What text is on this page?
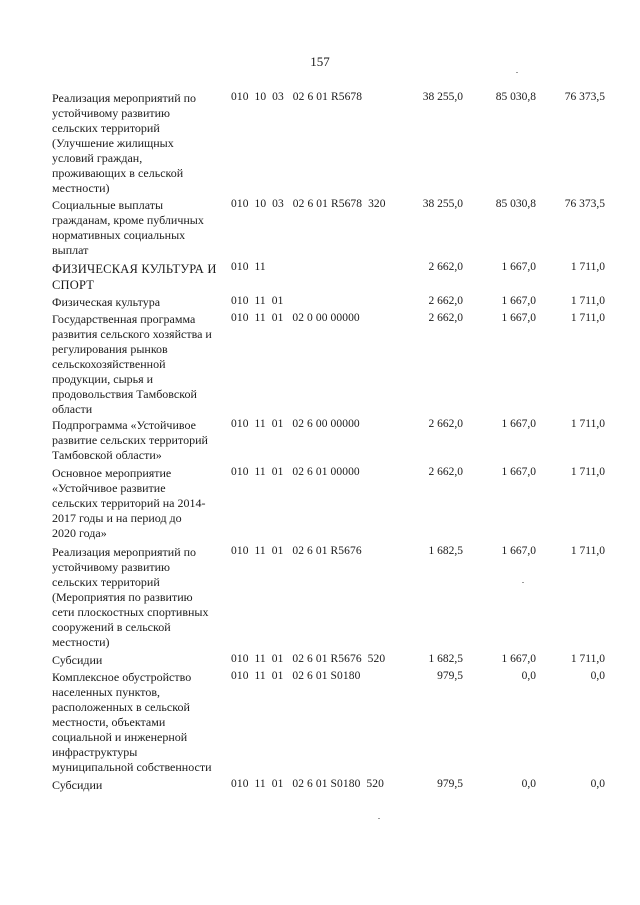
157
Реализация мероприятий по
устойчивому развитию
сельских территорий
(Улучшение жилищных
условий граждан,
проживающих в сельской
местности)
010  10  03   02 6 01 R5678	38 255,0	85 030,8	76 373,5
Социальные выплаты
гражданам, кроме публичных
нормативных социальных
выплат
010  10  03   02 6 01 R5678  320	38 255,0	85 030,8	76 373,5
ФИЗИЧЕСКАЯ КУЛЬТУРА И
СПОРТ
010  11	2 662,0	1 667,0	1 711,0
Физическая культура	010  11  01	2 662,0	1 667,0	1 711,0
Государственная программа
развития сельского хозяйства и
регулирования рынков
сельскохозяйственной
продукции, сырья и
продовольствия Тамбовской
области
010  11  01   02 0 00 00000	2 662,0	1 667,0	1 711,0
Подпрограмма «Устойчивое
развитие сельских территорий
Тамбовской области»
010  11  01   02 6 00 00000	2 662,0	1 667,0	1 711,0
Основное мероприятие
«Устойчивое развитие
сельских территорий на 2014-
2017 годы и на период до
2020 года»
010  11  01   02 6 01 00000	2 662,0	1 667,0	1 711,0
Реализация мероприятий по
устойчивому развитию
сельских территорий
(Мероприятия по развитию
сети плоскостных спортивных
сооружений в сельской
местности)
010  11  01   02 6 01 R5676	1 682,5	1 667,0	1 711,0
Субсидии	010  11  01   02 6 01 R5676  520	1 682,5	1 667,0	1 711,0
Комплексное обустройство
населенных пунктов,
расположенных в сельской
местности, объектами
социальной и инженерной
инфраструктуры
муниципальной собственности
010  11  01   02 6 01 S0180	979,5	0,0	0,0
Субсидии	010  11  01   02 6 01 S0180  520	979,5	0,0	0,0
